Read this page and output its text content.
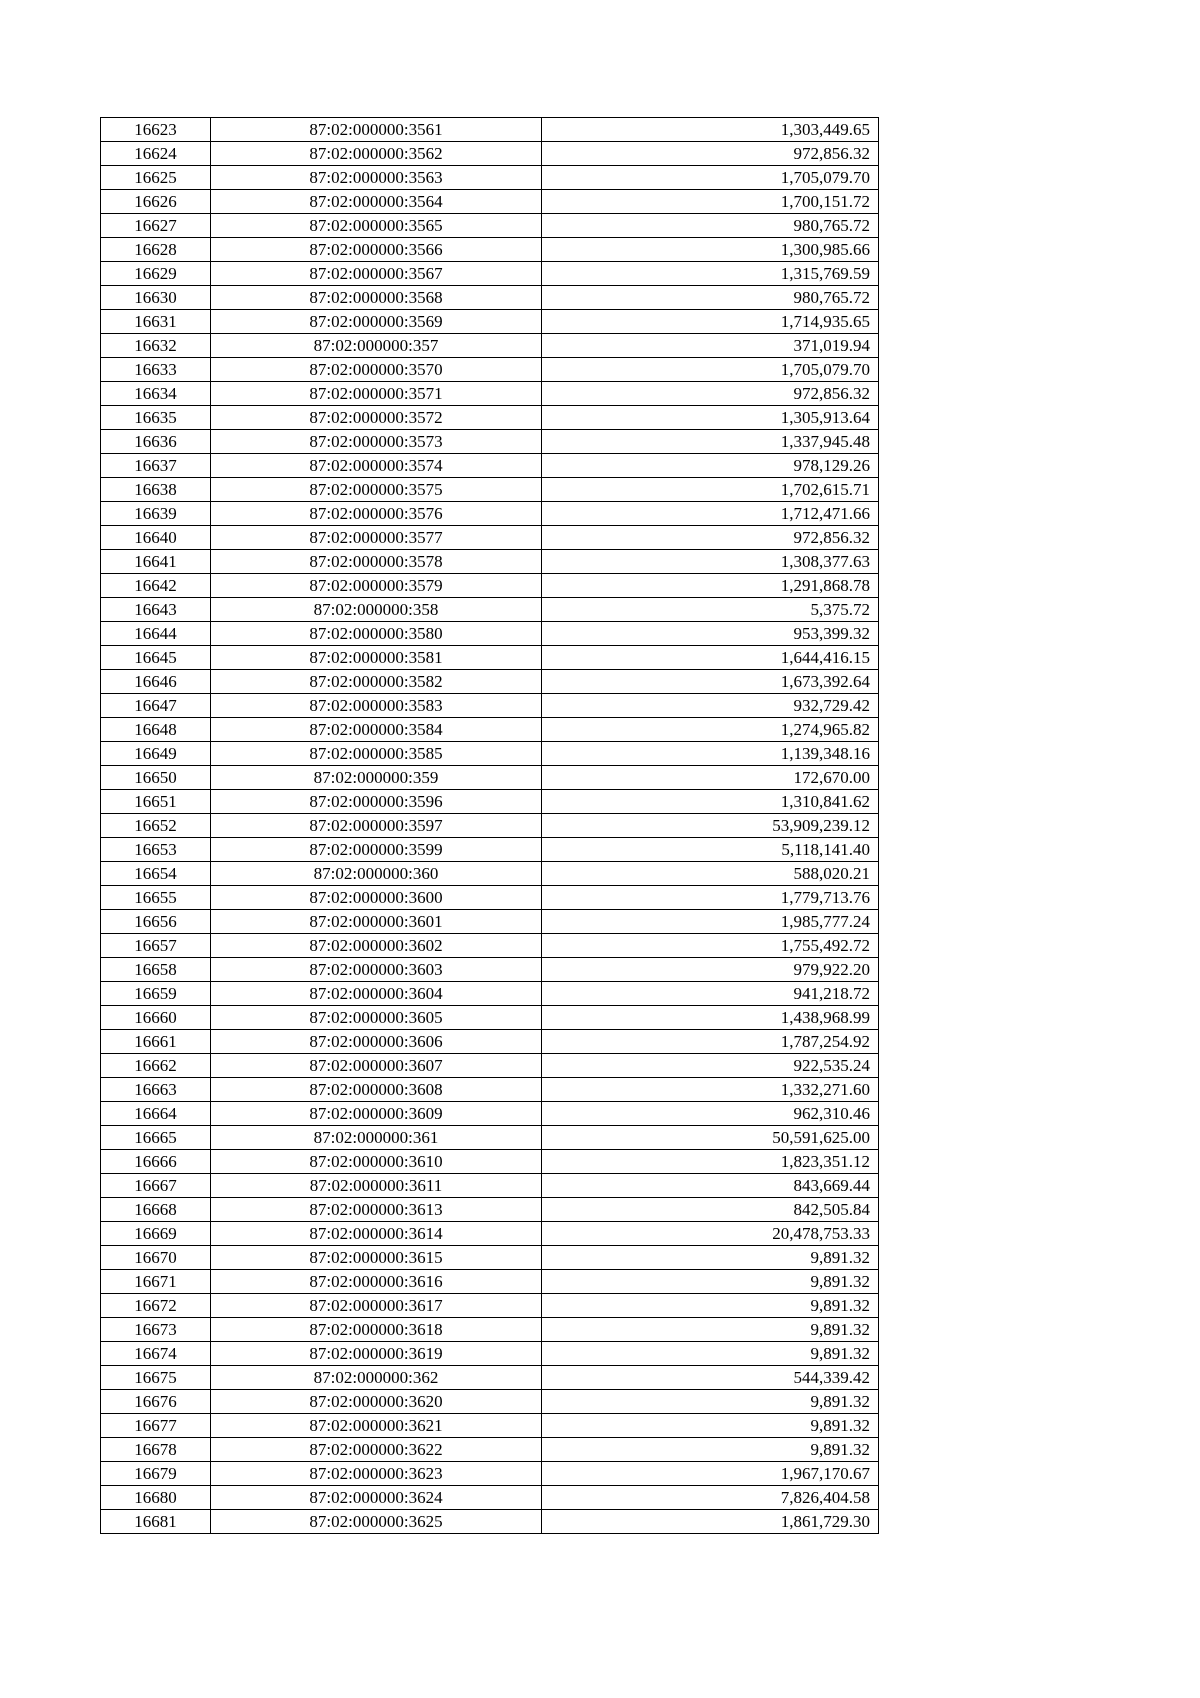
16623	87:02:000000:3561	1,303,449.65
16624	87:02:000000:3562	972,856.32
16625	87:02:000000:3563	1,705,079.70
16626	87:02:000000:3564	1,700,151.72
16627	87:02:000000:3565	980,765.72
16628	87:02:000000:3566	1,300,985.66
16629	87:02:000000:3567	1,315,769.59
16630	87:02:000000:3568	980,765.72
16631	87:02:000000:3569	1,714,935.65
16632	87:02:000000:357	371,019.94
16633	87:02:000000:3570	1,705,079.70
16634	87:02:000000:3571	972,856.32
16635	87:02:000000:3572	1,305,913.64
16636	87:02:000000:3573	1,337,945.48
16637	87:02:000000:3574	978,129.26
16638	87:02:000000:3575	1,702,615.71
16639	87:02:000000:3576	1,712,471.66
16640	87:02:000000:3577	972,856.32
16641	87:02:000000:3578	1,308,377.63
16642	87:02:000000:3579	1,291,868.78
16643	87:02:000000:358	5,375.72
16644	87:02:000000:3580	953,399.32
16645	87:02:000000:3581	1,644,416.15
16646	87:02:000000:3582	1,673,392.64
16647	87:02:000000:3583	932,729.42
16648	87:02:000000:3584	1,274,965.82
16649	87:02:000000:3585	1,139,348.16
16650	87:02:000000:359	172,670.00
16651	87:02:000000:3596	1,310,841.62
16652	87:02:000000:3597	53,909,239.12
16653	87:02:000000:3599	5,118,141.40
16654	87:02:000000:360	588,020.21
16655	87:02:000000:3600	1,779,713.76
16656	87:02:000000:3601	1,985,777.24
16657	87:02:000000:3602	1,755,492.72
16658	87:02:000000:3603	979,922.20
16659	87:02:000000:3604	941,218.72
16660	87:02:000000:3605	1,438,968.99
16661	87:02:000000:3606	1,787,254.92
16662	87:02:000000:3607	922,535.24
16663	87:02:000000:3608	1,332,271.60
16664	87:02:000000:3609	962,310.46
16665	87:02:000000:361	50,591,625.00
16666	87:02:000000:3610	1,823,351.12
16667	87:02:000000:3611	843,669.44
16668	87:02:000000:3613	842,505.84
16669	87:02:000000:3614	20,478,753.33
16670	87:02:000000:3615	9,891.32
16671	87:02:000000:3616	9,891.32
16672	87:02:000000:3617	9,891.32
16673	87:02:000000:3618	9,891.32
16674	87:02:000000:3619	9,891.32
16675	87:02:000000:362	544,339.42
16676	87:02:000000:3620	9,891.32
16677	87:02:000000:3621	9,891.32
16678	87:02:000000:3622	9,891.32
16679	87:02:000000:3623	1,967,170.67
16680	87:02:000000:3624	7,826,404.58
16681	87:02:000000:3625	1,861,729.30
